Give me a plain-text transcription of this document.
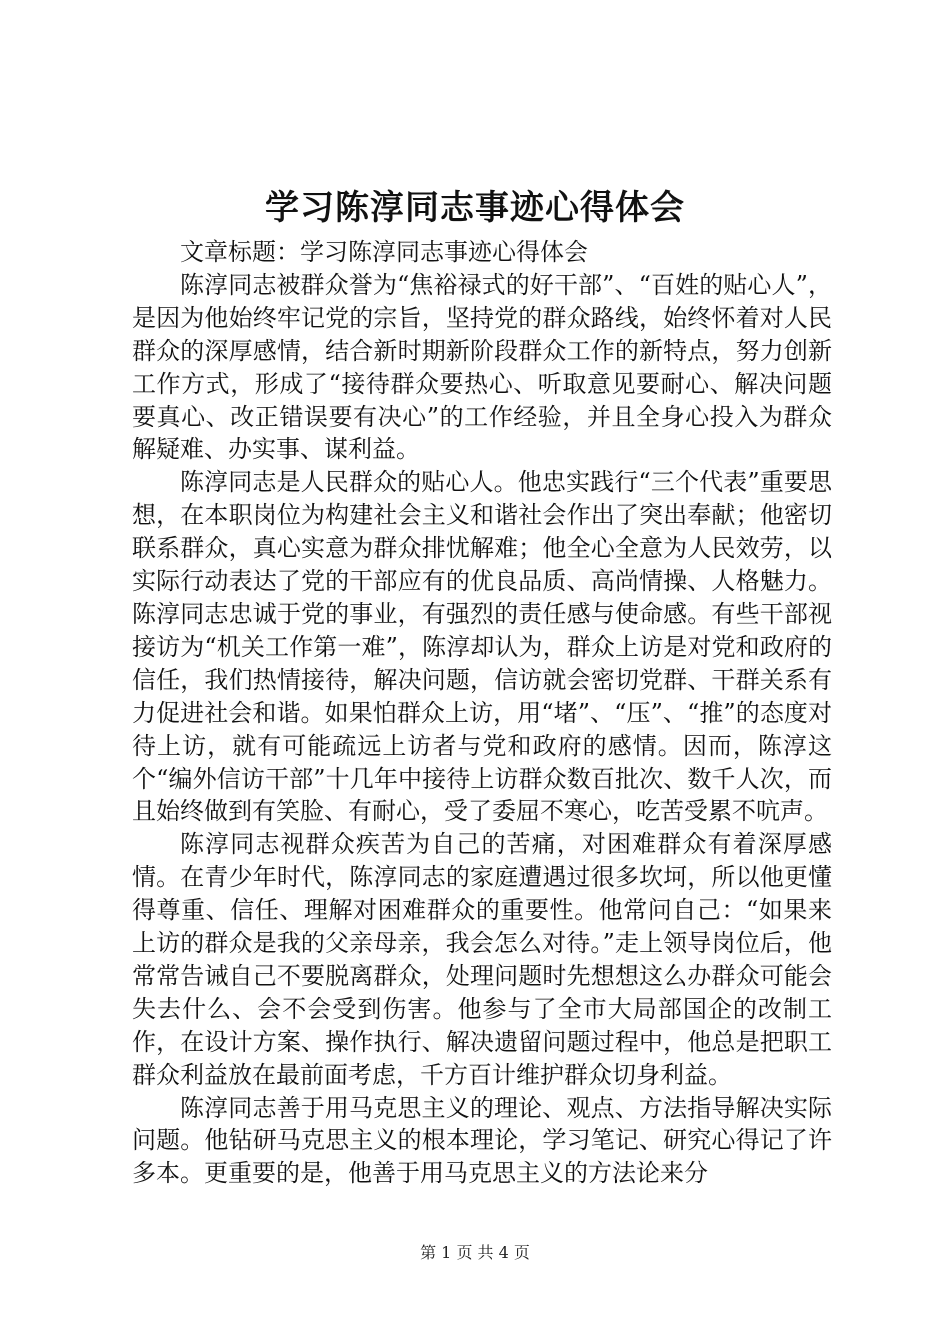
学习陈淳同志事迹心得体会

文章标题：学习陈淳同志事迹心得体会

陈淳同志被群众誉为“焦裕禄式的好干部”、“百姓的贴心人”，是因为他始终牢记党的宗旨，坚持党的群众路线，始终怀着对人民群众的深厚感情，结合新时期新阶段群众工作的新特点，努力创新工作方式，形成了“接待群众要热心、听取意见要耐心、解决问题要真心、改正错误要有决心”的工作经验，并且全身心投入为群众解疑难、办实事、谋利益。

陈淳同志是人民群众的贴心人。他忠实践行“三个代表”重要思想，在本职岗位为构建社会主义和谐社会作出了突出奉献；他密切联系群众，真心实意为群众排忧解难；他全心全意为人民效劳，以实际行动表达了党的干部应有的优良品质、高尚情操、人格魅力。陈淳同志忠诚于党的事业，有强烈的责任感与使命感。有些干部视接访为“机关工作第一难”，陈淳却认为，群众上访是对党和政府的信任，我们热情接待，解决问题，信访就会密切党群、干群关系有力促进社会和谐。如果怕群众上访，用“堵”、“压”、“推”的态度对待上访，就有可能疏远上访者与党和政府的感情。因而，陈淳这个“编外信访干部”十几年中接待上访群众数百批次、数千人次，而且始终做到有笑脸、有耐心，受了委屈不寒心，吃苦受累不吭声。

陈淳同志视群众疾苦为自己的苦痛，对困难群众有着深厚感情。在青少年时代，陈淳同志的家庭遭遇过很多坎坷，所以他更懂得尊重、信任、理解对困难群众的重要性。他常问自己：“如果来上访的群众是我的父亲母亲，我会怎么对待。”走上领导岗位后，他常常告诫自己不要脱离群众，处理问题时先想想这么办群众可能会失去什么、会不会受到伤害。他参与了全市大局部国企的改制工作，在设计方案、操作执行、解决遗留问题过程中，他总是把职工群众利益放在最前面考虑，千方百计维护群众切身利益。

陈淳同志善于用马克思主义的理论、观点、方法指导解决实际问题。他钻研马克思主义的根本理论，学习笔记、研究心得记了许多本。更重要的是，他善于用马克思主义的方法论来分

第 1 页 共 4 页
